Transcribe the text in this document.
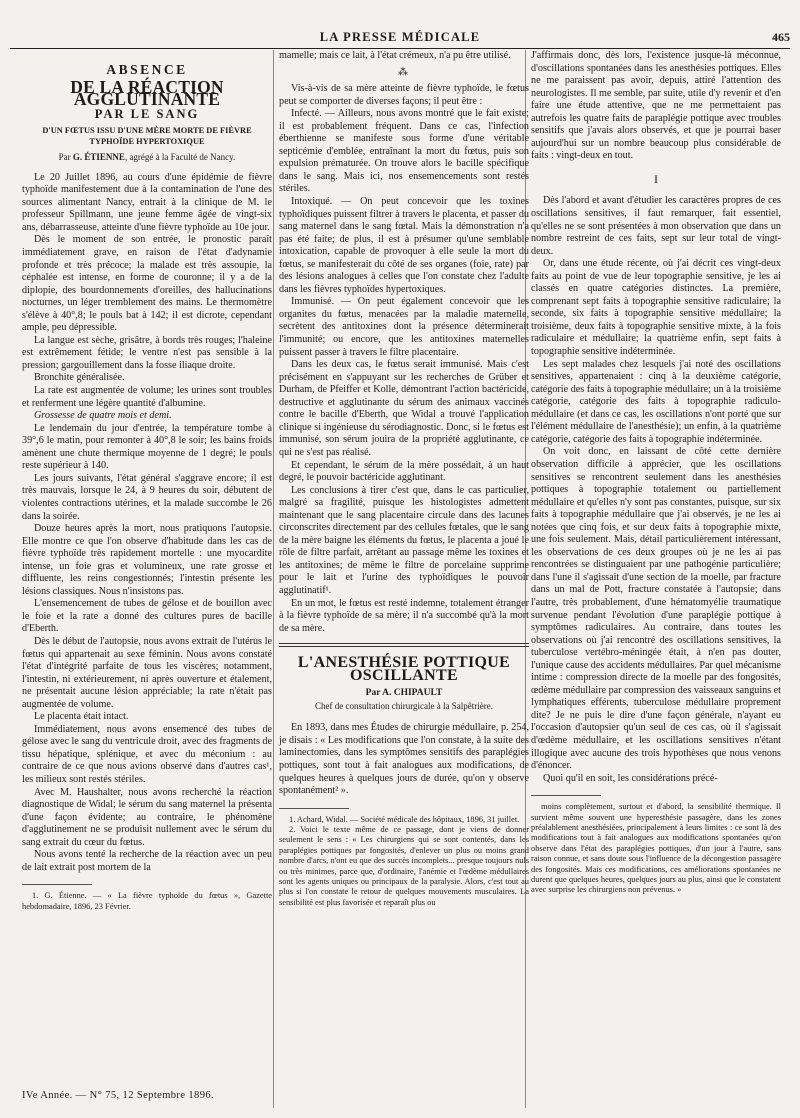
LA PRESSE MÉDICALE	465
ABSENCE
DE LA RÉACTION AGGLUTINANTE
PAR LE SANG
D'UN FŒTUS ISSU D'UNE MÈRE MORTE DE FIÈVRE TYPHOÏDE HYPERTOXIQUE
Par G. ÉTIENNE, agrégé à la Faculté de Nancy.

Le 20 Juillet 1896, au cours d'une épidémie de fièvre typhoïde manifestement due à la contamination de l'une des sources alimentant Nancy, entrait à la clinique de M. le professeur Spillmann, une jeune femme âgée de vingt-six ans, débarrasseuse, atteinte d'une fièvre typhoïde au 10e jour.

Dès le moment de son entrée, le pronostic paraît immédiatement grave, en raison de l'état d'adynamie profonde et très précoce; la malade est très assoupie, la céphalée est intense, en forme de couronne; il y a de la diplopie, des bourdonnements d'oreilles, des hallucinations nocturnes, un léger tremblement des mains. Le thermomètre s'élève à 40°,8; le pouls bat à 142; il est dicrote, cependant ample, peu dépressible.

La langue est sèche, grisâtre, à bords très rouges; l'haleine est extrêmement fétide; le ventre n'est pas sensible à la pression; gargouillement dans la fosse iliaque droite.

Bronchite généralisée.

La rate est augmentée de volume; les urines sont troubles et renferment une légère quantité d'albumine.

Grossesse de quatre mois et demi.

Le lendemain du jour d'entrée, la température tombe à 39°,6 le matin, pour remonter à 40°,8 le soir; les bains froids amènent une chute thermique moyenne de 1 degré; le pouls reste supérieur à 140.

Les jours suivants, l'état général s'aggrave encore; il est très mauvais, lorsque le 24, à 9 heures du soir, débutent de violentes contractions utérines, et la malade succombe le 26 dans la soirée.

Douze heures après la mort, nous pratiquons l'autopsie. Elle montre ce que l'on observe d'habitude dans les cas de fièvre typhoïde très rapidement mortelle : une myocardite intense, un foie gras et volumineux, une rate grosse et diffluente, les reins congestionnés; l'intestin présente les lésions classiques. Nous n'insistons pas.

L'ensemencement de tubes de gélose et de bouillon avec le foie et la rate a donné des cultures pures de bacille d'Eberth.

Dès le début de l'autopsie, nous avons extrait de l'utérus le fœtus qui appartenait au sexe féminin. Nous avons constaté l'état d'intégrité parfaite de tous les viscères; notamment, l'intestin, ni extérieurement, ni après ouverture et étalement, ne présentait aucune lésion appréciable; la rate n'était pas augmentée de volume.

Le placenta était intact.

Immédiatement, nous avons ensemencé des tubes de gélose avec le sang du ventricule droit, avec des fragments de tissu hépatique, splénique, et avec du méconium : au contraire de ce que nous avions observé dans d'autres cas¹, les milieux sont restés stériles.

Avec M. Haushalter, nous avons recherché la réaction diagnostique de Widal; le sérum du sang maternel la présenta d'une façon évidente; au contraire, le phénomène d'agglutinement ne se produisit nullement avec le sérum du sang extrait du cœur du fœtus.

Nous avons tenté la recherche de la réaction avec un peu de lait extrait post mortem de la

1. G. Étienne. — « La fièvre typhoïde du fœtus », Gazette hebdomadaire, 1896, 23 Février.

mamelle; mais ce lait, à l'état crémeux, n'a pu être utilisé.

⁂

Vis-à-vis de sa mère atteinte de fièvre typhoïde, le fœtus peut se comporter de diverses façons; il peut être :

Infecté. — Ailleurs, nous avons montré que le fait existe; il est probablement fréquent. Dans ce cas, l'infection éberthienne se manifeste sous forme d'une véritable septicémie d'emblée, entraînant la mort du fœtus, puis son expulsion prématurée. On trouve alors le bacille spécifique dans le sang. Mais ici, nos ensemencements sont restés stériles.

Intoxiqué. — On peut concevoir que les toxines typhoïdiques puissent filtrer à travers le placenta, et passer du sang maternel dans le sang fœtal. Mais la démonstration n'a pas été faite; de plus, il est à présumer qu'une semblable intoxication, capable de provoquer à elle seule la mort du fœtus, se manifesterait du côté de ses organes (foie, rate) par des lésions analogues à celles que l'on constate chez l'adulte dans les fièvres typhoïdes hypertoxiques.

Immunisé. — On peut également concevoir que les organites du fœtus, menacées par la maladie maternelle, secrètent des antitoxines dont la présence déterminerait l'immunité; ou encore, que les antitoxines maternelles puissent passer à travers le filtre placentaire.

Dans les deux cas, le fœtus serait immunisé. Mais c'est précisément en s'appuyant sur les recherches de Grüber et Durham, de Pfeiffer et Kolle, démontrant l'action bactéricide, destructive et agglutinante du sérum des animaux vaccinés contre le bacille d'Eberth, que Widal a trouvé l'application clinique si ingénieuse du sérodiagnostic. Donc, si le fœtus est immunisé, son sérum jouira de la propriété agglutinante, ce qui ne s'est pas réalisé.

Et cependant, le sérum de la mère possédait, à un haut degré, le pouvoir bactéricide agglutinant.

Les conclusions à tirer c'est que, dans le cas particulier, malgré sa fragilité, puisque les histologistes admettent maintenant que le sang placentaire circule dans des lacunes circonscrites directement par des cellules fœtales, que le sang de la mère baigne les éléments du fœtus, le placenta a joué le rôle de filtre parfait, arrêtant au passage même les toxines et les antitoxines; de même le filtre de porcelaine supprime pour le lait et l'urine des typhoïdiques le pouvoir agglutinatif¹.

En un mot, le fœtus est resté indemne, totalement étranger à la fièvre typhoïde de sa mère; il n'a succombé qu'à la mort de sa mère.

L'ANESTHÉSIE POTTIQUE OSCILLANTE
Par A. CHIPAULT
Chef de consultation chirurgicale à la Salpêtrière.

En 1893, dans mes Études de chirurgie médullaire, p. 254, je disais : « Les modifications que l'on constate, à la suite des laminectomies, dans les symptômes sensitifs des paraplégies pottiques, sont tout à fait analogues aux modifications, de quelques heures à quelques jours de durée, qu'on y observe spontanément² ».

1. Achard, Widal. — Société médicale des hôpitaux, 1896, 31 juillet.

2. Voici le texte même de ce passage, dont je viens de donner seulement le sens : « Les chirurgiens qui se sont contentés, dans les paraplégies pottiques par fongosités, d'enlever un plus ou moins grand nombre d'arcs, n'ont eu que des succès incomplets... presque toujours nuls ou très minimes, parce que, d'ordinaire, l'anémie et l'œdème médullaires sont les agents uniques ou principaux de la paralysie. Alors, c'est tout au plus si l'on constate le retour de quelques mouvements musculaires. La sensibilité est plus favorisée et reparaît plus ou

J'affirmais donc, dès lors, l'existence jusque-là méconnue, d'oscillations spontanées dans les anesthésies pottiques. Elles ne me paraissent pas avoir, depuis, attiré l'attention des neurologistes. Il me semble, par suite, utile d'y revenir et d'en faire une étude attentive, que ne me permettaient pas autrefois les quatre faits de paraplégie pottique avec troubles sensitifs que j'avais alors observés, et que je pourrai baser aujourd'hui sur un nombre beaucoup plus considérable de faits : vingt-deux en tout.

I

Dès l'abord et avant d'étudier les caractères propres de ces oscillations sensitives, il faut remarquer, fait essentiel, qu'elles ne se sont présentées à mon observation que dans un nombre restreint de ces faits, sept sur leur total de vingt-deux.

Or, dans une étude récente, où j'ai décrit ces vingt-deux faits au point de vue de leur topographie sensitive, je les ai classés en quatre catégories distinctes. La première, comprenant sept faits à topographie sensitive radiculaire; la seconde, six faits à topographie sensitive médullaire; la troisième, deux faits à topographie sensitive mixte, à la fois radiculaire et médullaire; la quatrième enfin, sept faits à topographie sensitive indéterminée.

Les sept malades chez lesquels j'ai noté des oscillations sensitives, appartenaient : cinq à la deuxième catégorie, catégorie des faits à topographie médullaire; un à la troisième catégorie, catégorie des faits à topographie radiculo-médullaire (et dans ce cas, les oscillations n'ont porté que sur l'élément médullaire de l'anesthésie); un enfin, à la quatrième catégorie, catégorie des faits à topographie indéterminée.

On voit donc, en laissant de côté cette dernière observation difficile à apprécier, que les oscillations sensitives se rencontrent seulement dans les anesthésies pottiques à topographie totalement ou partiellement médullaire et qu'elles n'y sont pas constantes, puisque, sur six faits à topographie médullaire que j'ai observés, je ne les ai notées que cinq fois, et sur deux faits à topographie mixte, une fois seulement. Mais, détail particulièrement intéressant, les observations de ces deux groupes où je ne les ai pas rencontrées se distinguaient par une pathogénie particulière; dans l'une il s'agissait d'une section de la moelle, par fracture dans un mal de Pott, fracture constatée à l'autopsie; dans l'autre, très probablement, d'une hématomyélie traumatique survenue pendant l'évolution d'une paraplégie pottique à symptômes radiculaires. Au contraire, dans toutes les observations où j'ai rencontré des oscillations sensitives, la tuberculose vertébro-méningée était, à n'en pas douter, l'unique cause des accidents médullaires. Par quel mécanisme intime : compression directe de la moelle par des fongosités, œdème médullaire par compression des vaisseaux sanguins et lymphatiques efférents, tuberculose médullaire proprement dite? Je ne puis le dire d'une façon générale, n'ayant eu l'occasion d'autopsier qu'un seul de ces cas, où il s'agissait d'œdème médullaire, et les oscillations sensitives n'étant illogique avec aucune des trois hypothèses que nous venons d'énoncer.

Quoi qu'il en soit, les considérations précé-

moins complètement, surtout et d'abord, la sensibilité thermique. Il survient même souvent une hyperesthésie passagère, dans les zones préalablement anesthésiées, principalement à leurs limites : ce sont là des modifications tout à fait analogues aux modifications spontanées qu'on observe dans l'état des paraplégies pottiques, d'un jour à l'autre, sans raison connue, et sans doute sous l'influence de la décongestion passagère des fongosités. Mais ces modifications, ces améliorations spontanées ne durent que quelques heures, quelques jours au plus, ainsi que le constatent avec surprise les chirurgiens non prévenus. »

IVe Année. — N° 75, 12 Septembre 1896.
